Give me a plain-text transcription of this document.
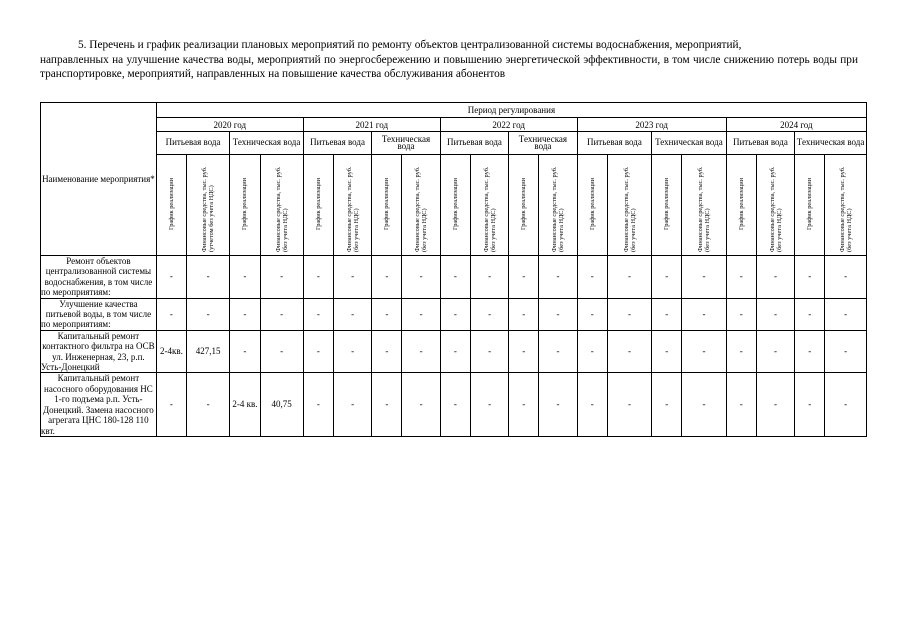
5. Перечень и график реализации плановых мероприятий по ремонту объектов централизованной системы водоснабжения, мероприятий,
направленных на улучшение качества воды, мероприятий по энергосбережению и повышению энергетической эффективности, в том числе снижению потерь воды при транспортировке, мероприятий, направленных на повышение качества обслуживания абонентов
Наименование мероприятия*	Период регулирования																			
	2020 год				2021 год				2022 год				2023 год				2024 год			
	Питьевая вода		Техническая вода		Питьевая вода		Техническая вода		Питьевая вода		Техническая вода		Питьевая вода		Техническая вода		Питьевая вода		Техническая вода	
	График реализации	Финансовые средства, тыс. руб. (утчетом без учета НДС)	График реализации	Финансовые средства, тыс. руб. (без учета НДС)	График реализации	Финансовые средства, тыс. руб. (без учета НДС)	График реализации	Финансовые средства, тыс. руб. (без учета НДС)	График реализации	Финансовые средства, тыс. руб. (без учета НДС)	График реализации	Финансовые средства, тыс. руб. (без учета НДС)	График реализации	Финансовые средства, тыс. руб. (без учета НДС)	График реализации	Финансовые средства, тыс. руб. (без учета НДС)	График реализации	Финансовые средства, тыс. руб. (без учета НДС)	График реализации	Финансовые средства, тыс. руб. (без учета НДС)
Ремонт объектов централизованной системы водоснабжения, в том числе по мероприятиям:	-	-	-	-	-	-	-	-	-	-	-	-	-	-	-	-	-	-	-	-
Улучшение качества питьевой воды, в том числе по мероприятиям:	-	-	-	-	-	-	-	-	-	-	-	-	-	-	-	-	-	-	-	-
Капитальный ремонт контактного фильтра на ОСВ ул. Инженерная, 23, р.п. Усть-Донецкий	2-4кв.	427,15	-	-	-	-	-	-	-	-	-	-	-	-	-	-	-	-	-	-
Капитальный ремонт насосного оборудования НС 1-го подъема р.п. Усть-Донецкий. Замена насосного агрегата ЦНС 180-128 110 квт.	-	-	2-4 кв.	40,75	-	-	-	-	-	-	-	-	-	-	-	-	-	-	-	-
